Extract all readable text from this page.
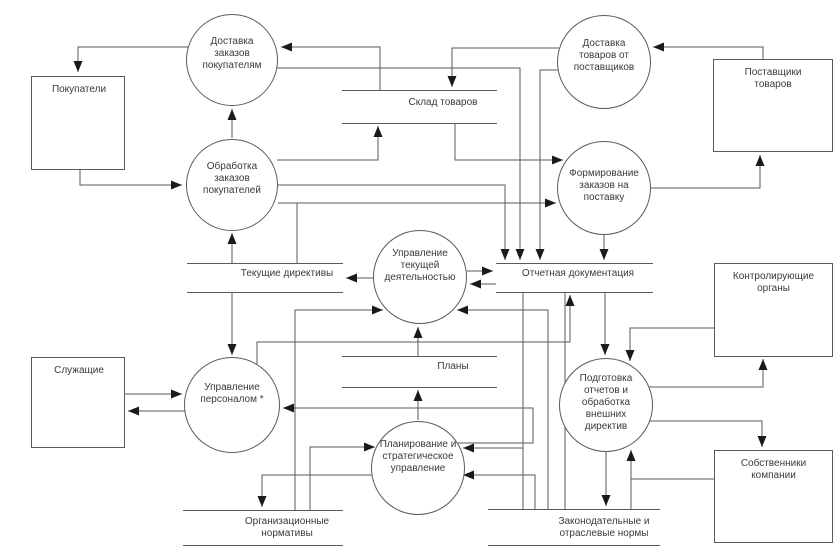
Покупатели
Служащие
Поставщики товаров
Контролирующие органы
Собственники компании
Доставка заказов покупателям
Обработка заказов покупателей
Доставка товаров от поставщиков
Формирование заказов на поставку
Управление текущей деятельностью
Управление персоналом *
Планирование и стратегическое управление
Подготовка отчетов и обработка внешних директив
Склад товаров
Текущие директивы	Отчетная документация
Планы
Организационные нормативы
Законодательные и отраслевые нормы
